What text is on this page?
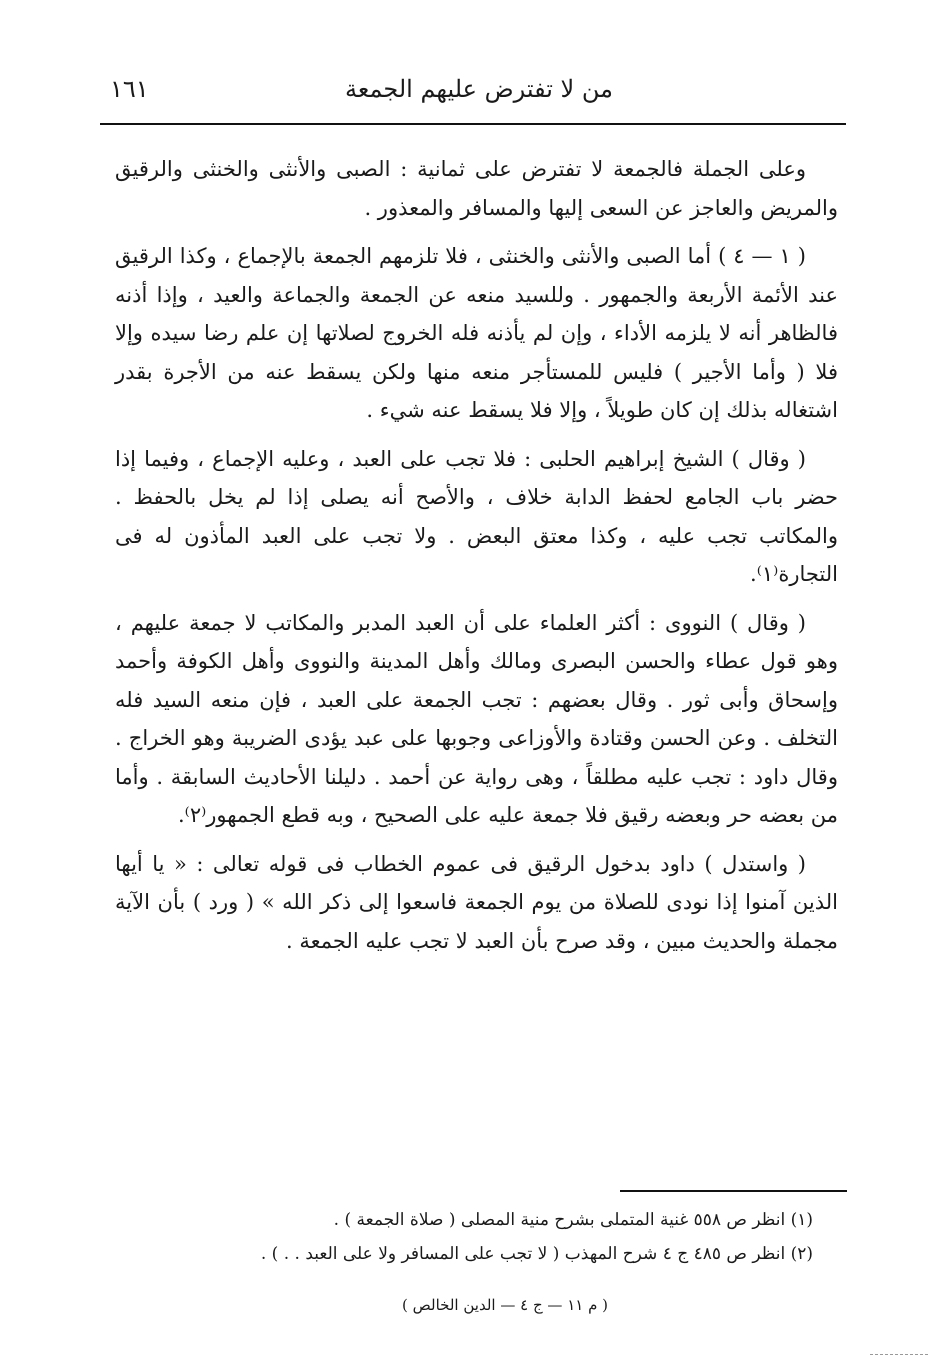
من لا تفترض عليهم الجمعة
١٦١

وعلى الجملة فالجمعة لا تفترض على ثمانية : الصبى والأنثى والخنثى والرقيق والمريض والعاجز عن السعى إليها والمسافر والمعذور .

( ١ — ٤ ) أما الصبى والأنثى والخنثى ، فلا تلزمهم الجمعة بالإجماع ، وكذا الرقيق عند الأئمة الأربعة والجمهور . وللسيد منعه عن الجمعة والجماعة والعيد ، وإذا أذنه فالظاهر أنه لا يلزمه الأداء ، وإن لم يأذنه فله الخروج لصلاتها إن علم رضا سيده وإلا فلا ( وأما الأجير ) فليس للمستأجر منعه منها ولكن يسقط عنه من الأجرة بقدر اشتغاله بذلك إن كان طويلاً ، وإلا فلا يسقط عنه شيء .

( وقال ) الشيخ إبراهيم الحلبى : فلا تجب على العبد ، وعليه الإجماع ، وفيما إذا حضر باب الجامع لحفظ الدابة خلاف ، والأصح أنه يصلى إذا لم يخل بالحفظ . والمكاتب تجب عليه ، وكذا معتق البعض . ولا تجب على العبد المأذون له فى التجارة⁽١⁾.

( وقال ) النووى : أكثر العلماء على أن العبد المدبر والمكاتب لا جمعة عليهم ، وهو قول عطاء والحسن البصرى ومالك وأهل المدينة والنووى وأهل الكوفة وأحمد وإسحاق وأبى ثور . وقال بعضهم : تجب الجمعة على العبد ، فإن منعه السيد فله التخلف . وعن الحسن وقتادة والأوزاعى وجوبها على عبد يؤدى الضريبة وهو الخراج . وقال داود : تجب عليه مطلقاً ، وهى رواية عن أحمد . دليلنا الأحاديث السابقة . وأما من بعضه حر وبعضه رقيق فلا جمعة عليه على الصحيح ، وبه قطع الجمهور⁽٢⁾.

( واستدل ) داود بدخول الرقيق فى عموم الخطاب فى قوله تعالى : « يا أيها الذين آمنوا إذا نودى للصلاة من يوم الجمعة فاسعوا إلى ذكر الله » ( ورد ) بأن الآية مجملة والحديث مبين ، وقد صرح بأن العبد لا تجب عليه الجمعة .

(١) انظر ص ٥٥٨ غنية المتملى بشرح منية المصلى ( صلاة الجمعة ) .
(٢) انظر ص ٤٨٥ ج ٤ شرح المهذب ( لا تجب على المسافر ولا على العبد . . ) .
( م ١١ — ج ٤ — الدين الخالص )
